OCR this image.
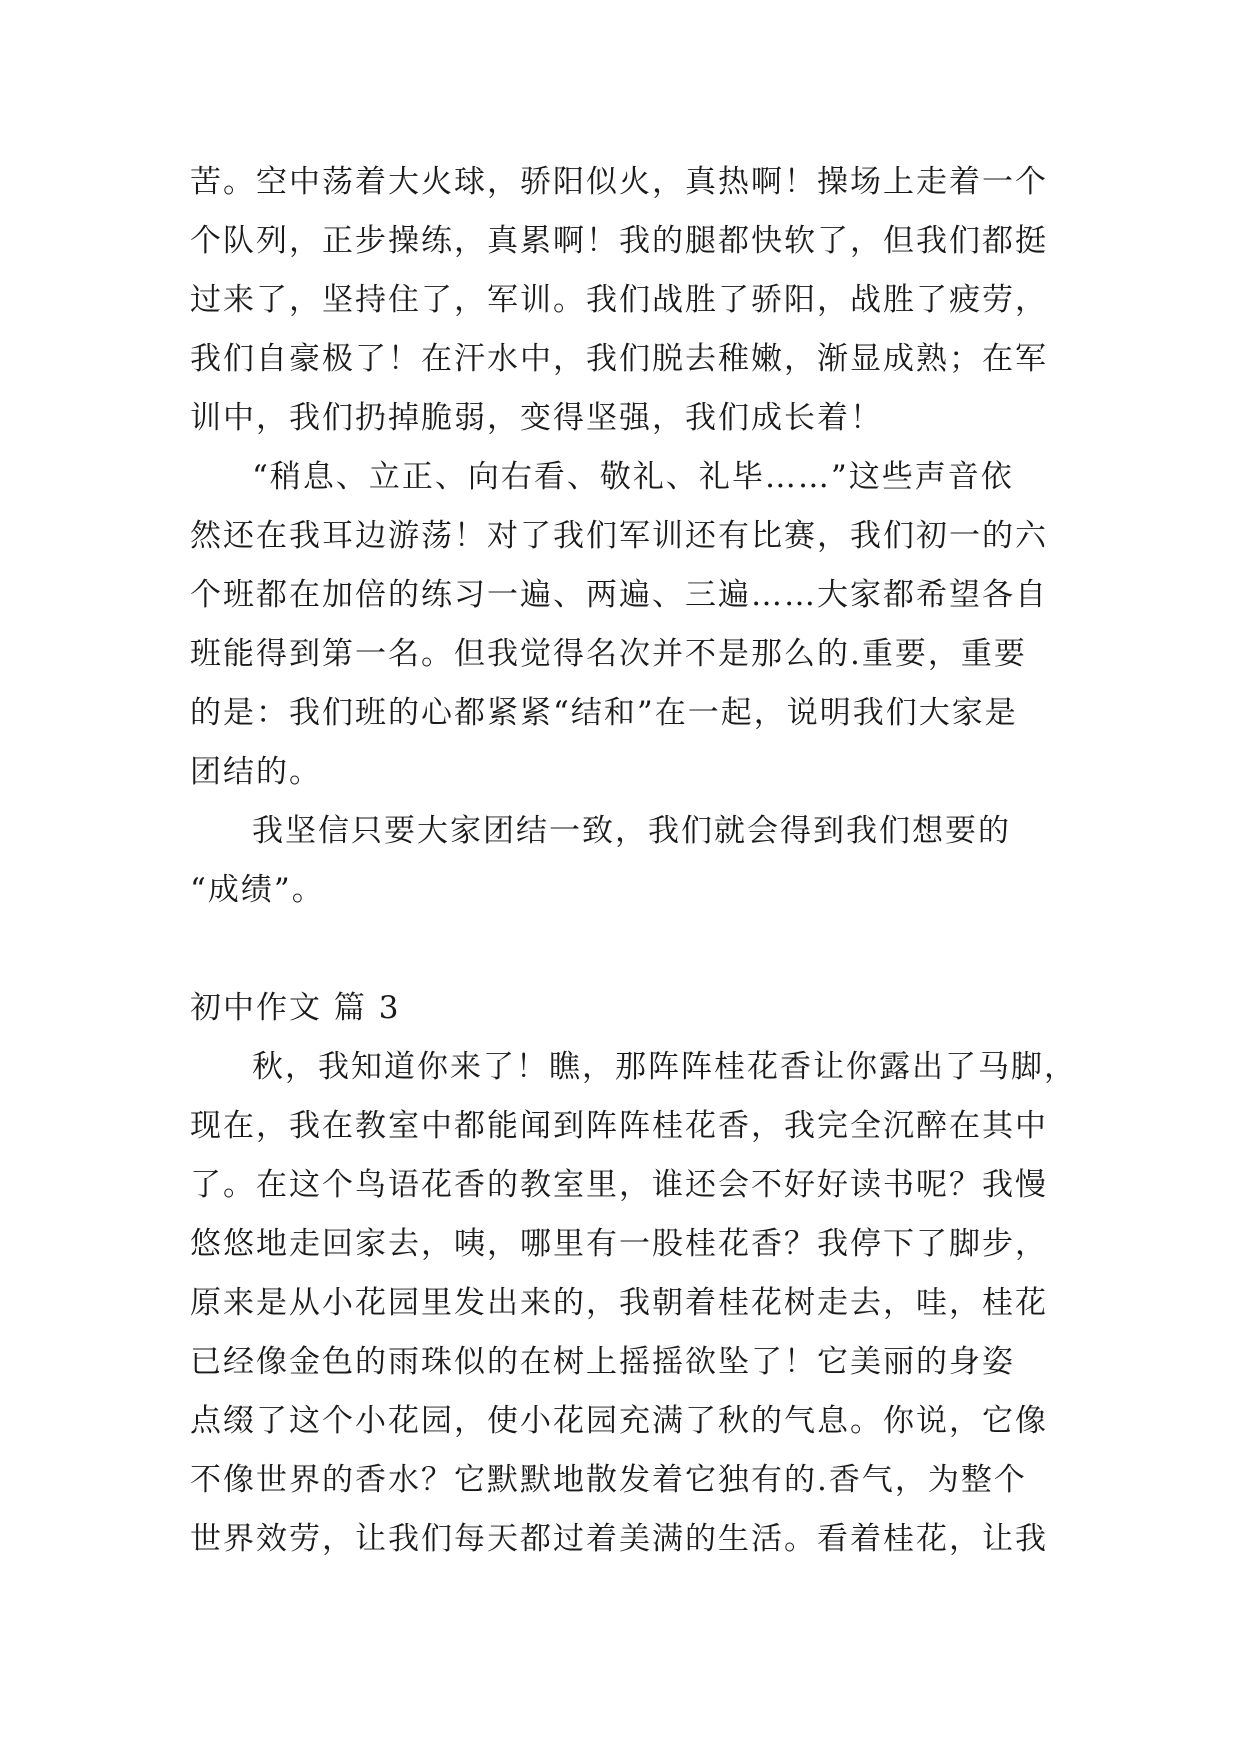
苦。空中荡着大火球，骄阳似火，真热啊！操场上走着一个
个队列，正步操练，真累啊！我的腿都快软了，但我们都挺
过来了，坚持住了，军训。我们战胜了骄阳，战胜了疲劳，
我们自豪极了！在汗水中，我们脱去稚嫩，渐显成熟；在军
训中，我们扔掉脆弱，变得坚强，我们成长着！
“稍息、立正、向右看、敬礼、礼毕……”这些声音依
然还在我耳边游荡！对了我们军训还有比赛，我们初一的六
个班都在加倍的练习一遍、两遍、三遍……大家都希望各自
班能得到第一名。但我觉得名次并不是那么的.重要，重要
的是：我们班的心都紧紧“结和”在一起，说明我们大家是
团结的。
我坚信只要大家团结一致，我们就会得到我们想要的
“成绩”。
初中作文 篇 3
秋，我知道你来了！瞧，那阵阵桂花香让你露出了马脚，
现在，我在教室中都能闻到阵阵桂花香，我完全沉醉在其中
了。在这个鸟语花香的教室里，谁还会不好好读书呢？我慢
悠悠地走回家去，咦，哪里有一股桂花香？我停下了脚步，
原来是从小花园里发出来的，我朝着桂花树走去，哇，桂花
已经像金色的雨珠似的在树上摇摇欲坠了！它美丽的身姿
点缀了这个小花园，使小花园充满了秋的气息。你说，它像
不像世界的香水？它默默地散发着它独有的.香气，为整个
世界效劳，让我们每天都过着美满的生活。看着桂花，让我
